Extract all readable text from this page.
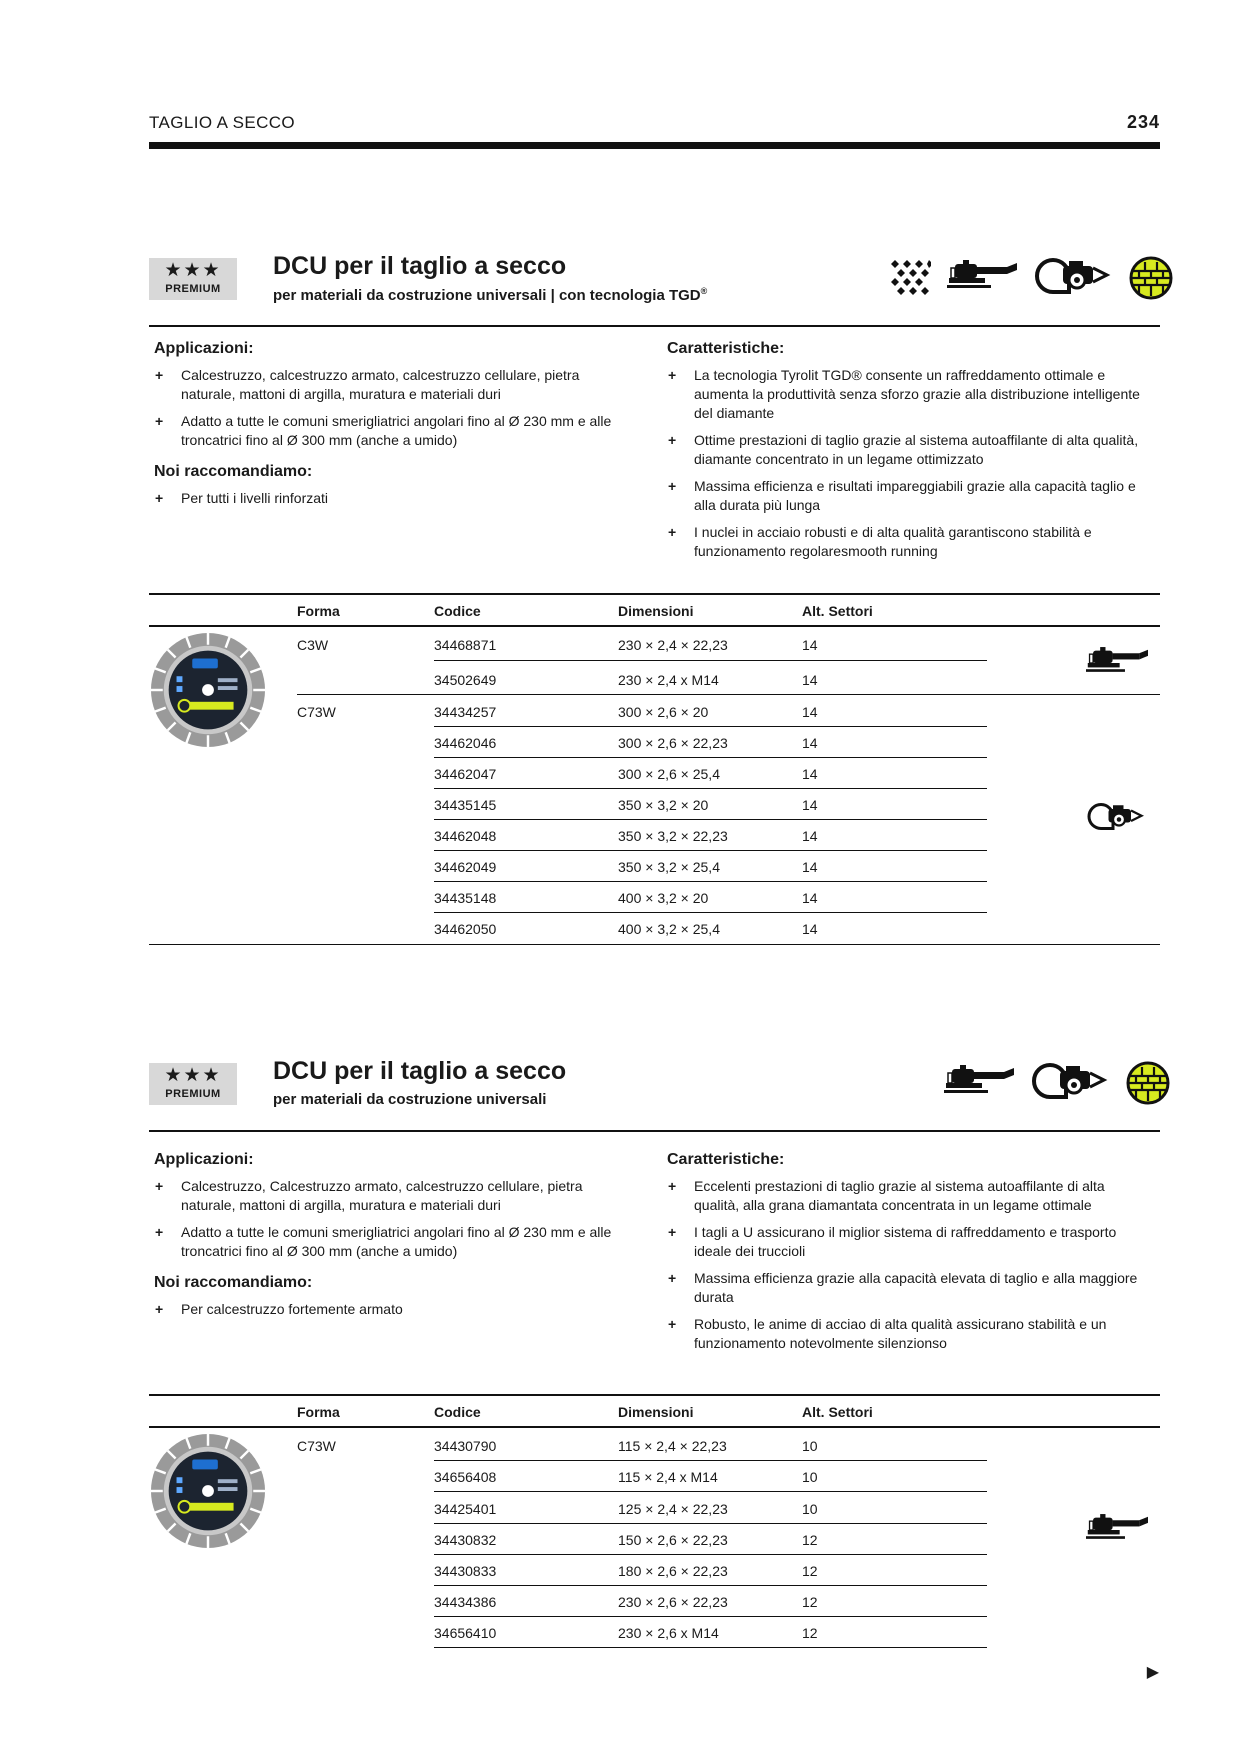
TAGLIO A SECCO	234
★★★
PREMIUM
DCU per il taglio a secco
per materiali da costruzione universali | con tecnologia TGD®
Applicazioni:
+ Calcestruzzo, calcestruzzo armato, calcestruzzo cellulare, pietra naturale, mattoni di argilla, muratura e materiali duri
+ Adatto a tutte le comuni smerigliatrici angolari fino al Ø 230 mm e alle troncatrici fino al Ø 300 mm (anche a umido)
Noi raccomandiamo:
+ Per tutti i livelli rinforzati
Caratteristiche:
+ La tecnologia Tyrolit TGD® consente un raffreddamento ottimale e aumenta la produttività senza sforzo grazie alla distribuzione intelligente del diamante
+ Ottime prestazioni di taglio grazie al sistema autoaffilante di alta qualità, diamante concentrato in un legame ottimizzato
+ Massima efficienza e risultati impareggiabili grazie alla capacità taglio e alla durata più lunga
+ I nuclei in acciaio robusti e di alta qualità garantiscono stabilità e funzionamento regolaresmooth running
Forma	Codice	Dimensioni	Alt. Settori
C3W	34468871	230 × 2,4 × 22,23	14
34502649	230 × 2,4 x M14	14
C73W	34434257	300 × 2,6 × 20	14
34462046	300 × 2,6 × 22,23	14
34462047	300 × 2,6 × 25,4	14
34435145	350 × 3,2 × 20	14
34462048	350 × 3,2 × 22,23	14
34462049	350 × 3,2 × 25,4	14
34435148	400 × 3,2 × 20	14
34462050	400 × 3,2 × 25,4	14
★★★
PREMIUM
DCU per il taglio a secco
per materiali da costruzione universali
Applicazioni:
+ Calcestruzzo, Calcestruzzo armato, calcestruzzo cellulare, pietra naturale, mattoni di argilla, muratura e materiali duri
+ Adatto a tutte le comuni smerigliatrici angolari fino al Ø 230 mm e alle troncatrici fino al Ø 300 mm (anche a umido)
Noi raccomandiamo:
+ Per calcestruzzo fortemente armato
Caratteristiche:
+ Eccelenti prestazioni di taglio grazie al sistema autoaffilante di alta qualità, alla grana diamantata concentrata in un legame ottimale
+ I tagli a U assicurano il miglior sistema di raffreddamento e trasporto ideale dei truccioli
+ Massima efficienza grazie alla capacità elevata di taglio e alla maggiore durata
+ Robusto, le anime di acciao di alta qualità assicurano stabilità e un funzionamento notevolmente silenzionso
Forma	Codice	Dimensioni	Alt. Settori
C73W	34430790	115 × 2,4 × 22,23	10
34656408	115 × 2,4 x M14	10
34425401	125 × 2,4 × 22,23	10
34430832	150 × 2,6 × 22,23	12
34430833	180 × 2,6 × 22,23	12
34434386	230 × 2,6 × 22,23	12
34656410	230 × 2,6 x M14	12
▶
